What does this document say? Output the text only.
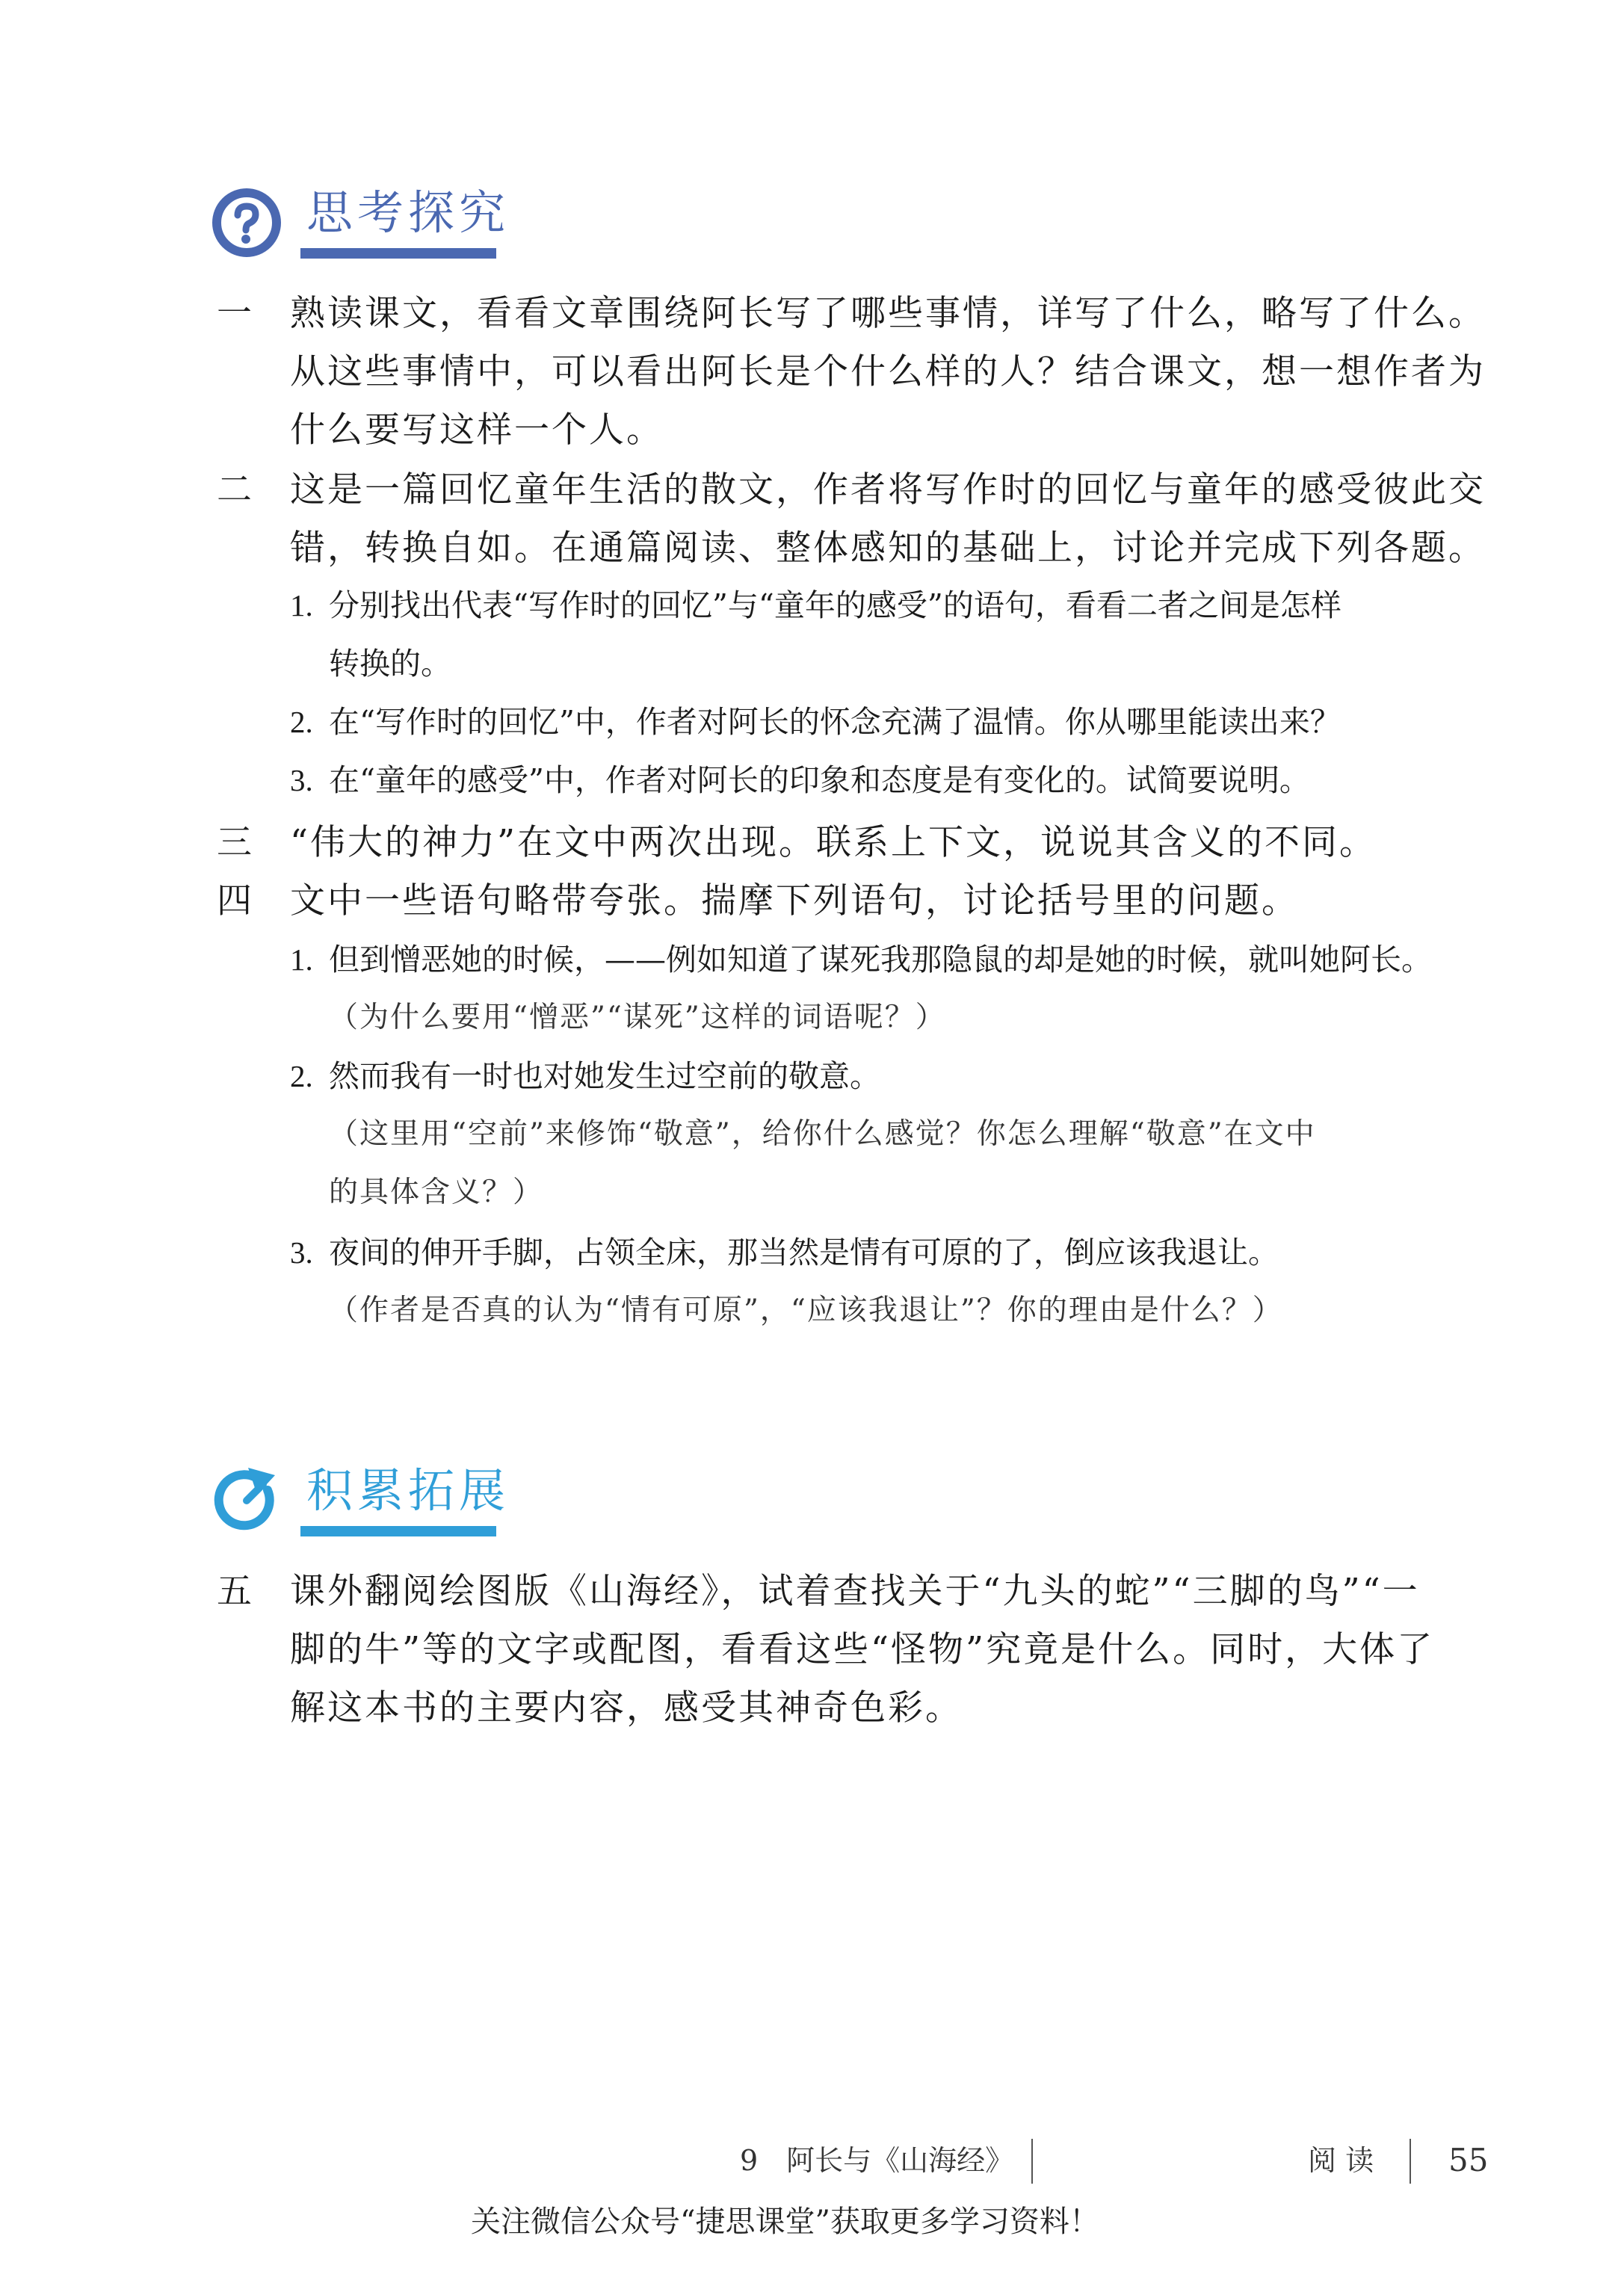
思考探究
一 熟读课文，看看文章围绕阿长写了哪些事情，详写了什么，略写了什么。
从这些事情中，可以看出阿长是个什么样的人？结合课文，想一想作者为
什么要写这样一个人。
二 这是一篇回忆童年生活的散文，作者将写作时的回忆与童年的感受彼此交
错，转换自如。在通篇阅读、整体感知的基础上，讨论并完成下列各题。
1. 分别找出代表“写作时的回忆”与“童年的感受”的语句，看看二者之间是怎样
转换的。
2. 在“写作时的回忆”中，作者对阿长的怀念充满了温情。你从哪里能读出来？
3. 在“童年的感受”中，作者对阿长的印象和态度是有变化的。试简要说明。
三 “伟大的神力”在文中两次出现。联系上下文，说说其含义的不同。
四 文中一些语句略带夸张。揣摩下列语句，讨论括号里的问题。
1. 但到憎恶她的时候，——例如知道了谋死我那隐鼠的却是她的时候，就叫她阿长。
（为什么要用“憎恶”“谋死”这样的词语呢？）
2. 然而我有一时也对她发生过空前的敬意。
（这里用“空前”来修饰“敬意”，给你什么感觉？你怎么理解“敬意”在文中
的具体含义？）
3. 夜间的伸开手脚，占领全床，那当然是情有可原的了，倒应该我退让。
（作者是否真的认为“情有可原”，“应该我退让”？你的理由是什么？）
积累拓展
五 课外翻阅绘图版《山海经》，试着查找关于“九头的蛇”“三脚的鸟”“一
脚的牛”等的文字或配图，看看这些“怪物”究竟是什么。同时，大体了
解这本书的主要内容，感受其神奇色彩。
9　阿长与《山海经》	阅 读 55
关注微信公众号“捷思课堂”获取更多学习资料！
